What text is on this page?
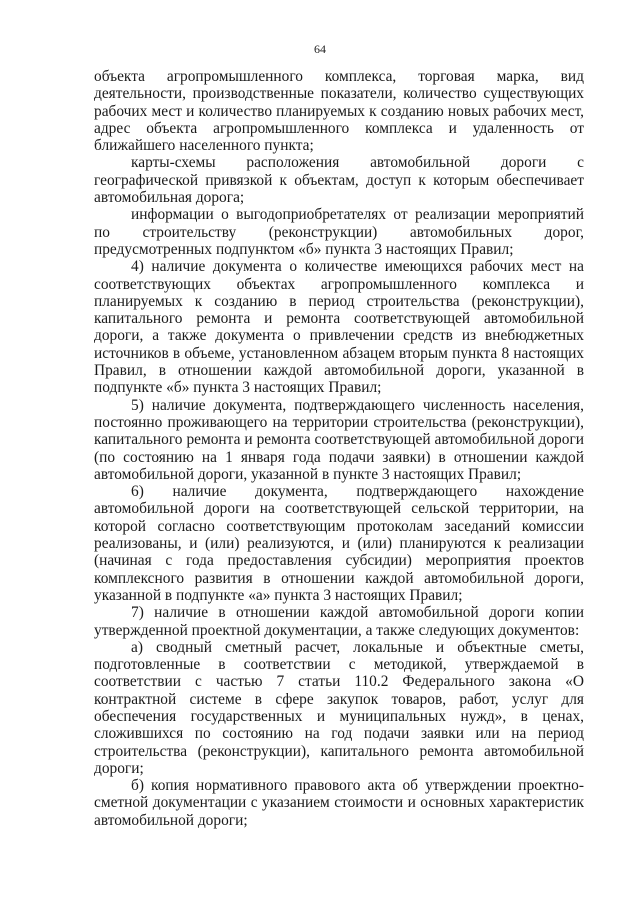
64

объекта агропромышленного комплекса, торговая марка, вид деятельности, производственные показатели, количество существующих рабочих мест и количество планируемых к созданию новых рабочих мест, адрес объекта агропромышленного комплекса и удаленность от ближайшего населенного пункта;

карты-схемы расположения автомобильной дороги с географической привязкой к объектам, доступ к которым обеспечивает автомобильная дорога;

информации о выгодоприобретателях от реализации мероприятий по строительству (реконструкции) автомобильных дорог, предусмотренных подпунктом «б» пункта 3 настоящих Правил;

4) наличие документа о количестве имеющихся рабочих мест на соответствующих объектах агропромышленного комплекса и планируемых к созданию в период строительства (реконструкции), капитального ремонта и ремонта соответствующей автомобильной дороги, а также документа о привлечении средств из внебюджетных источников в объеме, установленном абзацем вторым пункта 8 настоящих Правил, в отношении каждой автомобильной дороги, указанной в подпункте «б» пункта 3 настоящих Правил;

5) наличие документа, подтверждающего численность населения, постоянно проживающего на территории строительства (реконструкции), капитального ремонта и ремонта соответствующей автомобильной дороги (по состоянию на 1 января года подачи заявки) в отношении каждой автомобильной дороги, указанной в пункте 3 настоящих Правил;

6) наличие документа, подтверждающего нахождение автомобильной дороги на соответствующей сельской территории, на которой согласно соответствующим протоколам заседаний комиссии реализованы, и (или) реализуются, и (или) планируются к реализации (начиная с года предоставления субсидии) мероприятия проектов комплексного развития в отношении каждой автомобильной дороги, указанной в подпункте «а» пункта 3 настоящих Правил;

7) наличие в отношении каждой автомобильной дороги копии утвержденной проектной документации, а также следующих документов:

а) сводный сметный расчет, локальные и объектные сметы, подготовленные в соответствии с методикой, утверждаемой в соответствии с частью 7 статьи 110.2 Федерального закона «О контрактной системе в сфере закупок товаров, работ, услуг для обеспечения государственных и муниципальных нужд», в ценах, сложившихся по состоянию на год подачи заявки или на период строительства (реконструкции), капитального ремонта автомобильной дороги;

б) копия нормативного правового акта об утверждении проектно-сметной документации с указанием стоимости и основных характеристик автомобильной дороги;
